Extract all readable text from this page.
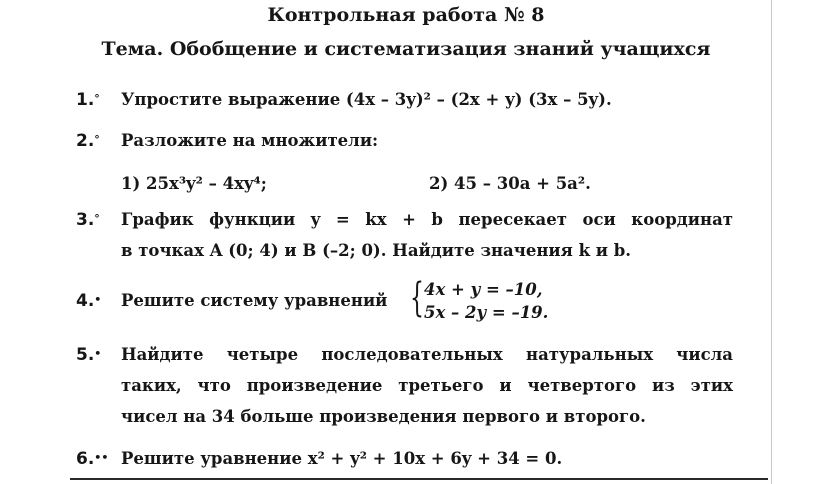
Контрольная работа № 8
Тема. Обобщение и систематизация знаний учащихся
1.° Упростите выражение (4x – 3y)² – (2x + y) (3x – 5y).
2.° Разложите на множители:
1) 25x³y² – 4xy⁴;	2) 45 – 30a + 5a².
3.° График функции y = kx + b пересекает оси координат
в точках A (0; 4) и B (–2; 0). Найдите значения k и b.
4.• Решите систему уравнений { 4x + y = –10,
5x – 2y = –19.
5.• Найдите четыре последовательных натуральных числа
таких, что произведение третьего и четвертого из этих
чисел на 34 больше произведения первого и второго.
6.•• Решите уравнение x² + y² + 10x + 6y + 34 = 0.
